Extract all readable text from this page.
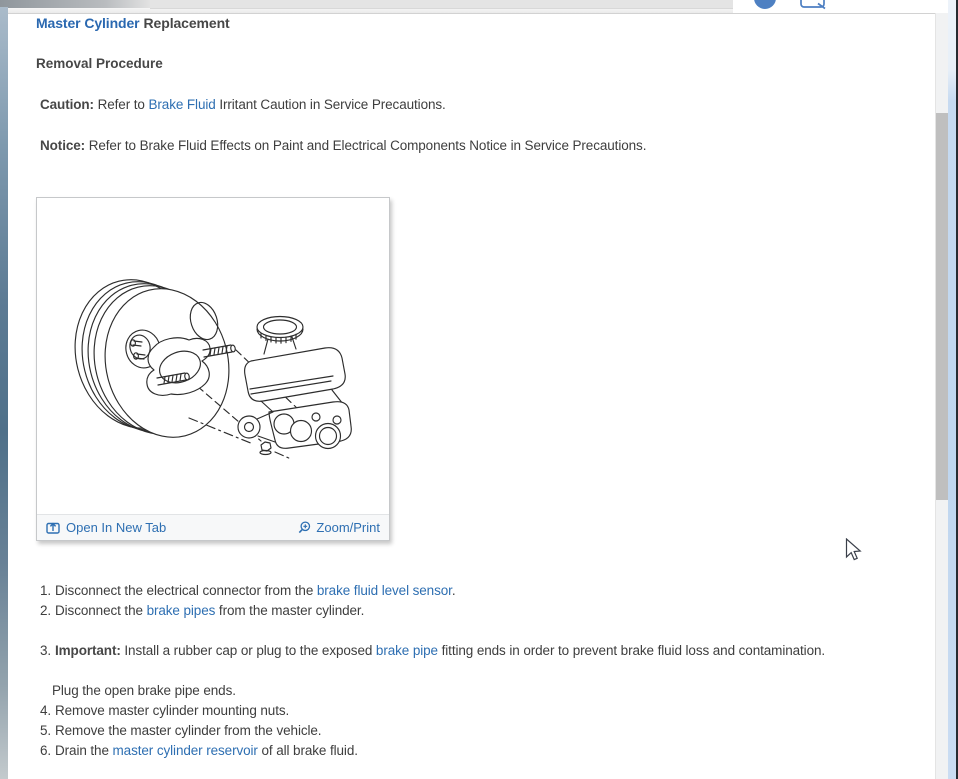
Master Cylinder Replacement
Removal Procedure
Caution: Refer to Brake Fluid Irritant Caution in Service Precautions.
Notice: Refer to Brake Fluid Effects on Paint and Electrical Components Notice in Service Precautions.
Open In New Tab	Zoom/Print
1. Disconnect the electrical connector from the brake fluid level sensor.
2. Disconnect the brake pipes from the master cylinder.
3. Important: Install a rubber cap or plug to the exposed brake pipe fitting ends in order to prevent brake fluid loss and contamination.
Plug the open brake pipe ends.
4. Remove master cylinder mounting nuts.
5. Remove the master cylinder from the vehicle.
6. Drain the master cylinder reservoir of all brake fluid.
